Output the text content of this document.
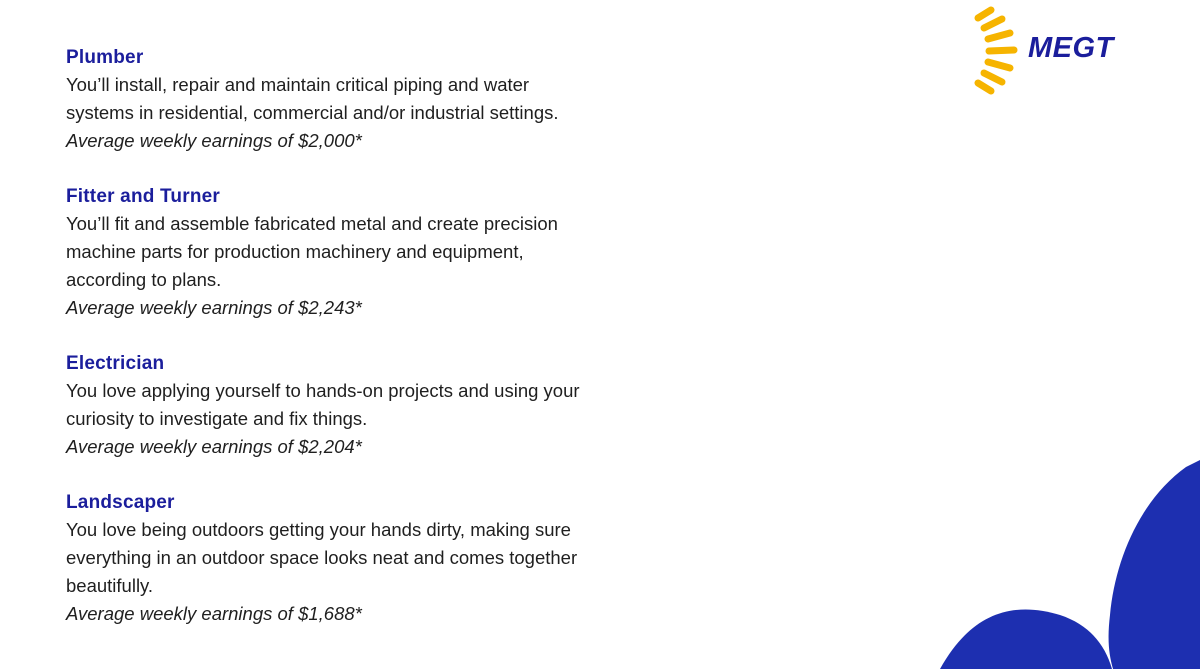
MEGT

Plumber

You’ll install, repair and maintain critical piping and water

systems in residential, commercial and/or industrial settings.

Average weekly earnings of $2,000*

Fitter and Turner

You’ll fit and assemble fabricated metal and create precision

machine parts for production machinery and equipment,

according to plans.

Average weekly earnings of $2,243*

Electrician

You love applying yourself to hands-on projects and using your

curiosity to investigate and fix things.

Average weekly earnings of $2,204*

Landscaper

You love being outdoors getting your hands dirty, making sure

everything in an outdoor space looks neat and comes together

beautifully.

Average weekly earnings of $1,688*
